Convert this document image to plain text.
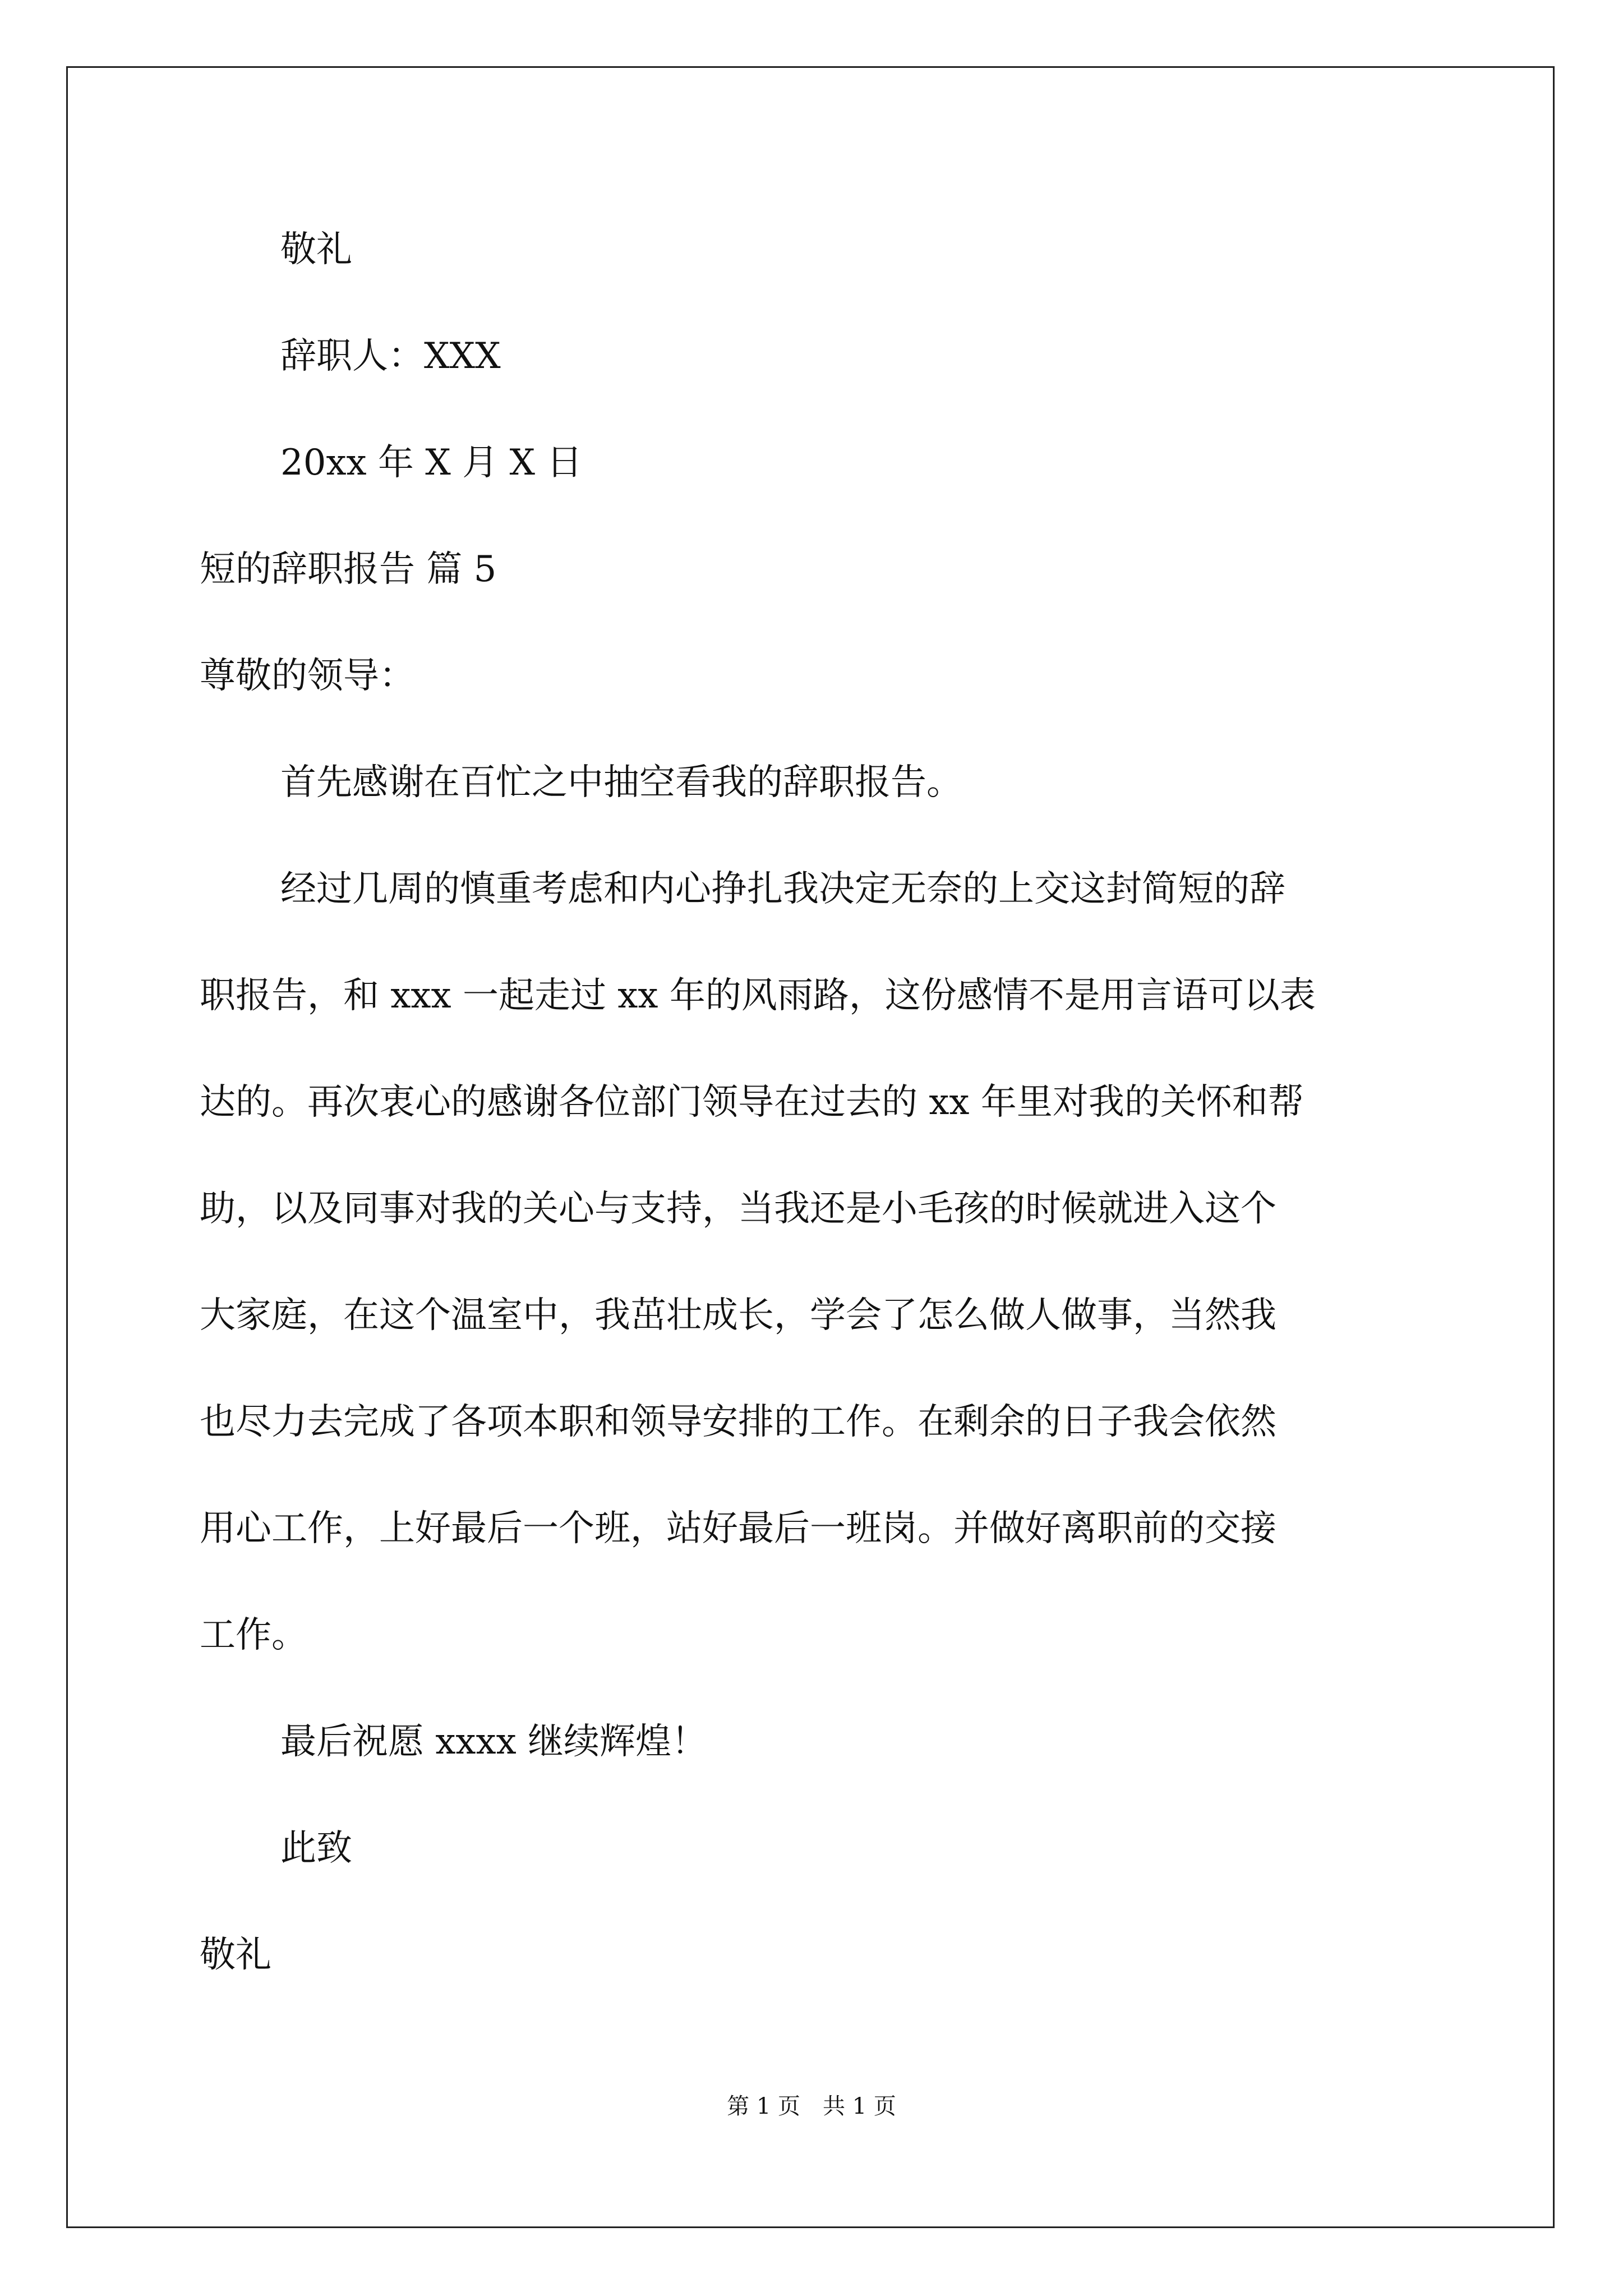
敬礼
辞职人：XXX
20xx 年 X 月 X 日
短的辞职报告 篇 5
尊敬的领导：
首先感谢在百忙之中抽空看我的辞职报告。
经过几周的慎重考虑和内心挣扎我决定无奈的上交这封简短的辞
职报告，和 xxx 一起走过 xx 年的风雨路，这份感情不是用言语可以表
达的。再次衷心的感谢各位部门领导在过去的 xx 年里对我的关怀和帮
助，以及同事对我的关心与支持，当我还是小毛孩的时候就进入这个
大家庭，在这个温室中，我茁壮成长，学会了怎么做人做事，当然我
也尽力去完成了各项本职和领导安排的工作。在剩余的日子我会依然
用心工作，上好最后一个班，站好最后一班岗。并做好离职前的交接
工作。
最后祝愿 xxxx 继续辉煌！
此致
敬礼
第 1 页　共 1 页
